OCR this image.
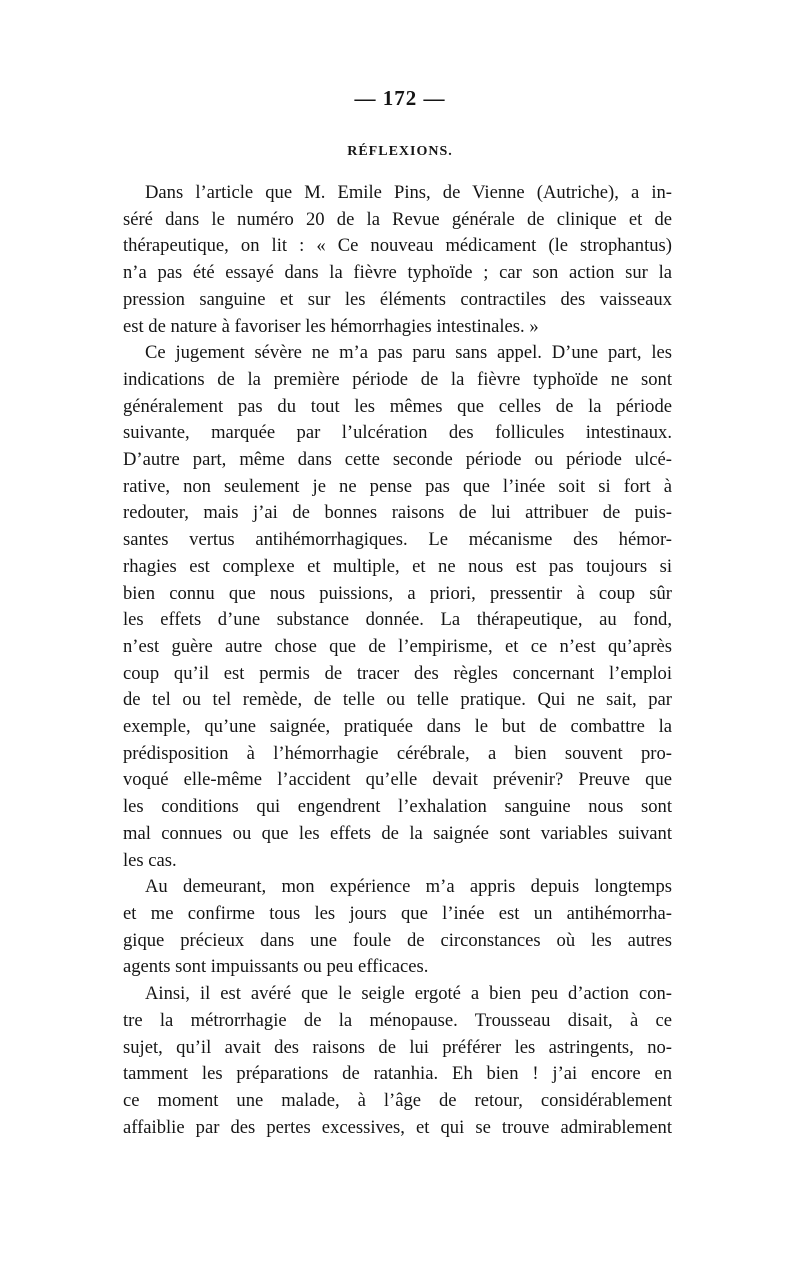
— 172 —
RÉFLEXIONS.
Dans l’article que M. Emile Pins, de Vienne (Autriche), a in-
séré dans le numéro 20 de la Revue générale de clinique et de
thérapeutique, on lit : « Ce nouveau médicament (le strophantus)
n’a pas été essayé dans la fièvre typhoïde ; car son action sur la
pression sanguine et sur les éléments contractiles des vaisseaux
est de nature à favoriser les hémorrhagies intestinales. »
Ce jugement sévère ne m’a pas paru sans appel. D’une part, les
indications de la première période de la fièvre typhoïde ne sont
généralement pas du tout les mêmes que celles de la période
suivante, marquée par l’ulcération des follicules intestinaux.
D’autre part, même dans cette seconde période ou période ulcé-
rative, non seulement je ne pense pas que l’inée soit si fort à
redouter, mais j’ai de bonnes raisons de lui attribuer de puis-
santes vertus antihémorrhagiques. Le mécanisme des hémor-
rhagies est complexe et multiple, et ne nous est pas toujours si
bien connu que nous puissions, a priori, pressentir à coup sûr
les effets d’une substance donnée. La thérapeutique, au fond,
n’est guère autre chose que de l’empirisme, et ce n’est qu’après
coup qu’il est permis de tracer des règles concernant l’emploi
de tel ou tel remède, de telle ou telle pratique. Qui ne sait, par
exemple, qu’une saignée, pratiquée dans le but de combattre la
prédisposition à l’hémorrhagie cérébrale, a bien souvent pro-
voqué elle-même l’accident qu’elle devait prévenir? Preuve que
les conditions qui engendrent l’exhalation sanguine nous sont
mal connues ou que les effets de la saignée sont variables suivant
les cas.
Au demeurant, mon expérience m’a appris depuis longtemps
et me confirme tous les jours que l’inée est un antihémorrha-
gique précieux dans une foule de circonstances où les autres
agents sont impuissants ou peu efficaces.
Ainsi, il est avéré que le seigle ergoté a bien peu d’action con-
tre la métrorrhagie de la ménopause. Trousseau disait, à ce
sujet, qu’il avait des raisons de lui préférer les astringents, no-
tamment les préparations de ratanhia. Eh bien ! j’ai encore en
ce moment une malade, à l’âge de retour, considérablement
affaiblie par des pertes excessives, et qui se trouve admirablement
